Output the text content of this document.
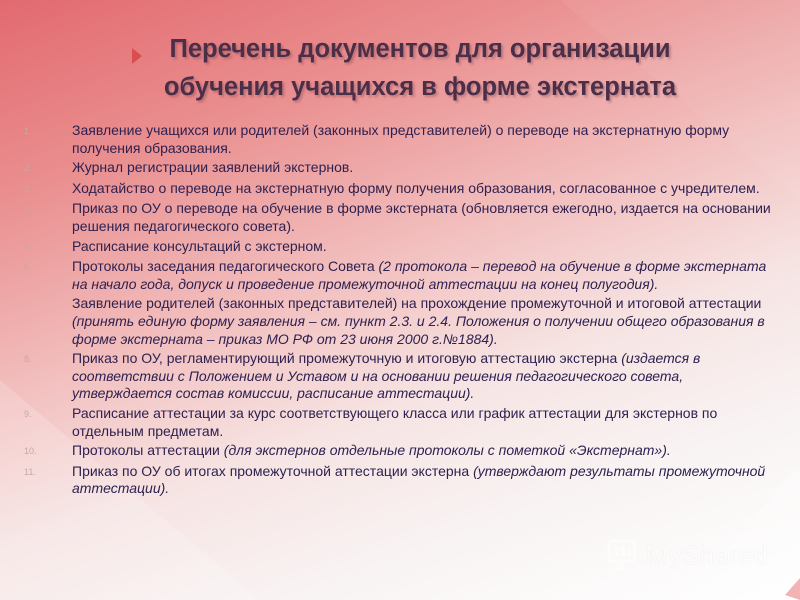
Перечень документов для организации
обучения учащихся в форме экстерната
1.	Заявление учащихся или родителей (законных представителей) о переводе на экстернатную форму получения образования.
2.	Журнал регистрации заявлений экстернов.
3.	Ходатайство о переводе на экстернатную форму получения образования, согласованное с учредителем.
4.	Приказ по ОУ о переводе на обучение в форме экстерната (обновляется ежегодно, издается на основании решения педагогического совета).
5.	Расписание консультаций с экстерном.
6.	Протоколы заседания педагогического Совета (2 протокола – перевод на обучение в форме экстерната на начало года, допуск и проведение промежуточной аттестации на конец полугодия).
Заявление родителей (законных представителей) на прохождение промежуточной и итоговой аттестации (принять единую форму заявления – см. пункт 2.3. и 2.4. Положения о получении общего образования в форме экстерната – приказ МО РФ от 23 июня 2000 г.№1884).
8.	Приказ по ОУ, регламентирующий промежуточную и итоговую аттестацию экстерна (издается в соответствии с Положением и Уставом и на основании решения педагогического совета, утверждается состав комиссии, расписание аттестации).
9.	Расписание аттестации за курс соответствующего класса или график аттестации для экстернов по отдельным предметам.
10.	Протоколы аттестации (для экстернов отдельные протоколы с пометкой «Экстернат»).
11.	Приказ по ОУ об итогах промежуточной аттестации экстерна (утверждают результаты промежуточной аттестации).
MyShared
